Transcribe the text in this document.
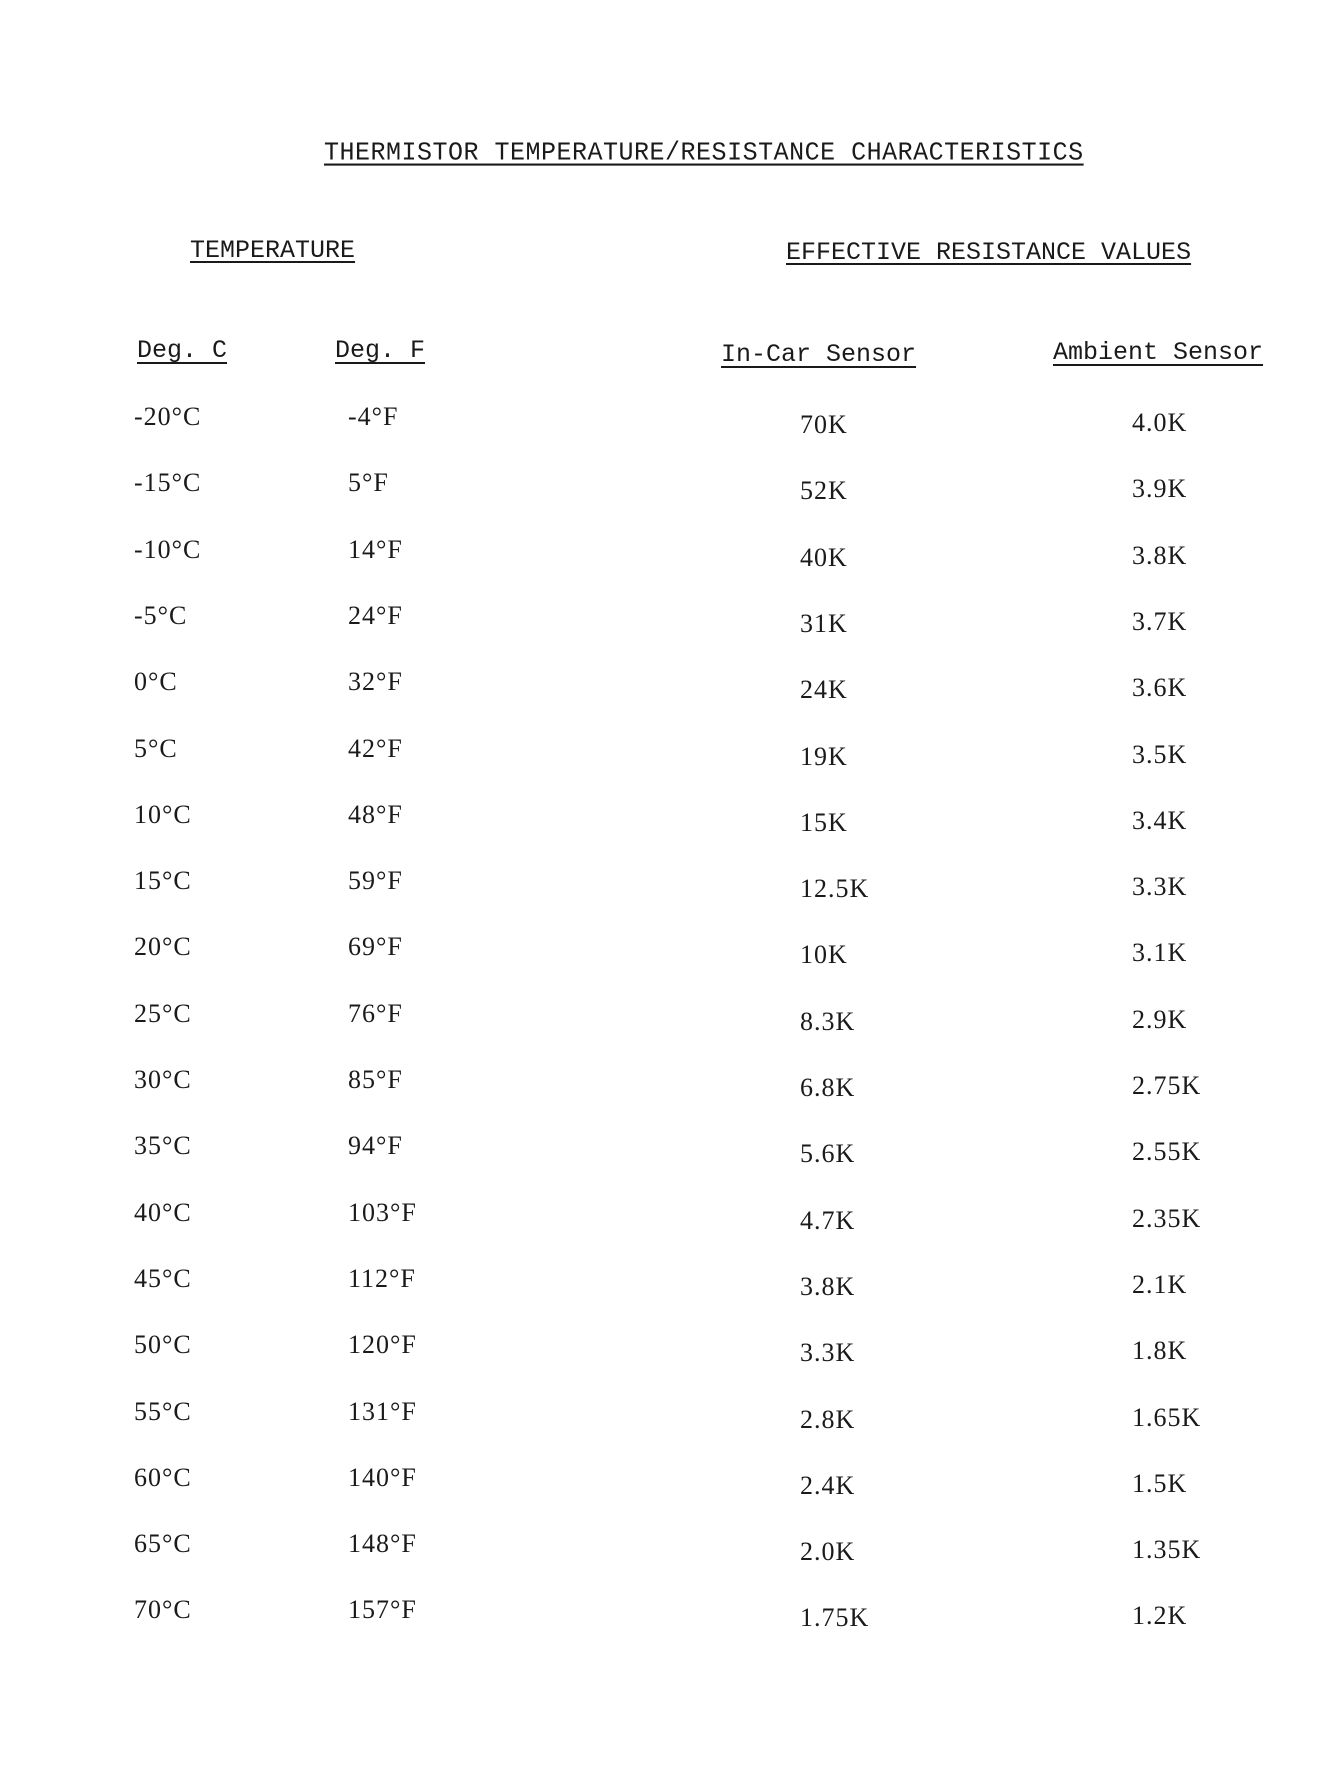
THERMISTOR TEMPERATURE/RESISTANCE CHARACTERISTICS
TEMPERATURE	EFFECTIVE RESISTANCE VALUES
Deg. C	Deg. F	In-Car Sensor	Ambient Sensor
-20°C	-4°F	70K	4.0K
-15°C	5°F	52K	3.9K
-10°C	14°F	40K	3.8K
-5°C	24°F	31K	3.7K
0°C	32°F	24K	3.6K
5°C	42°F	19K	3.5K
10°C	48°F	15K	3.4K
15°C	59°F	12.5K	3.3K
20°C	69°F	10K	3.1K
25°C	76°F	8.3K	2.9K
30°C	85°F	6.8K	2.75K
35°C	94°F	5.6K	2.55K
40°C	103°F	4.7K	2.35K
45°C	112°F	3.8K	2.1K
50°C	120°F	3.3K	1.8K
55°C	131°F	2.8K	1.65K
60°C	140°F	2.4K	1.5K
65°C	148°F	2.0K	1.35K
70°C	157°F	1.75K	1.2K
